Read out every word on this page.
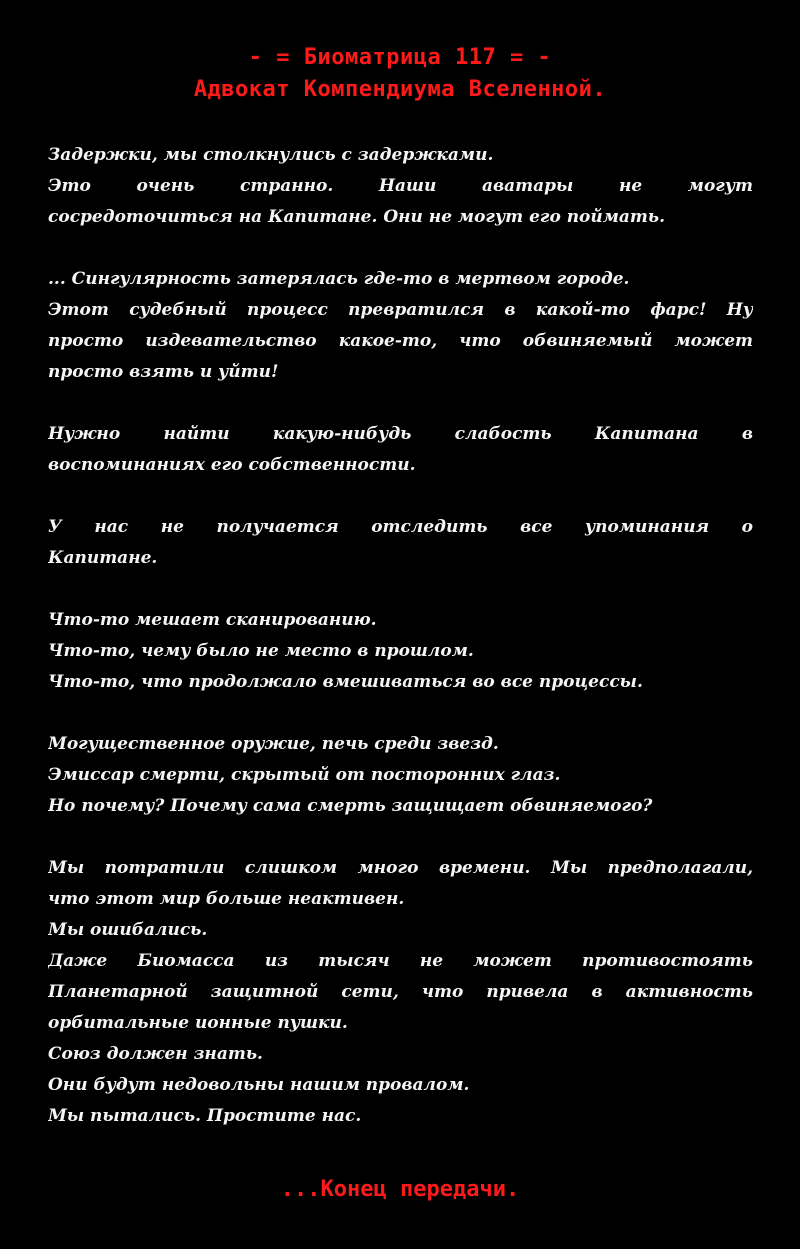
- = Биоматрица 117 = -
Адвокат Компендиума Вселенной.
Задержки, мы столкнулись с задержками.
Это очень странно. Наши аватары не могут
сосредоточиться на Капитане. Они не могут его поймать.
... Сингулярность затерялась где-то в мертвом городе.
Этот судебный процесс превратился в какой-то фарс! Ну
просто издевательство какое-то, что обвиняемый может
просто взять и уйти!
Нужно найти какую-нибудь слабость Капитана в
воспоминаниях его собственности.
У нас не получается отследить все упоминания о
Капитане.
Что-то мешает сканированию.
Что-то, чему было не место в прошлом.
Что-то, что продолжало вмешиваться во все процессы.
Могущественное оружие, печь среди звезд.
Эмиссар смерти, скрытый от посторонних глаз.
Но почему? Почему сама смерть защищает обвиняемого?
Мы потратили слишком много времени. Мы предполагали,
что этот мир больше неактивен.
Мы ошибались.
Даже Биомасса из тысяч не может противостоять
Планетарной защитной сети, что привела в активность
орбитальные ионные пушки.
Союз должен знать.
Они будут недовольны нашим провалом.
Мы пытались. Простите нас.
...Конец передачи.
